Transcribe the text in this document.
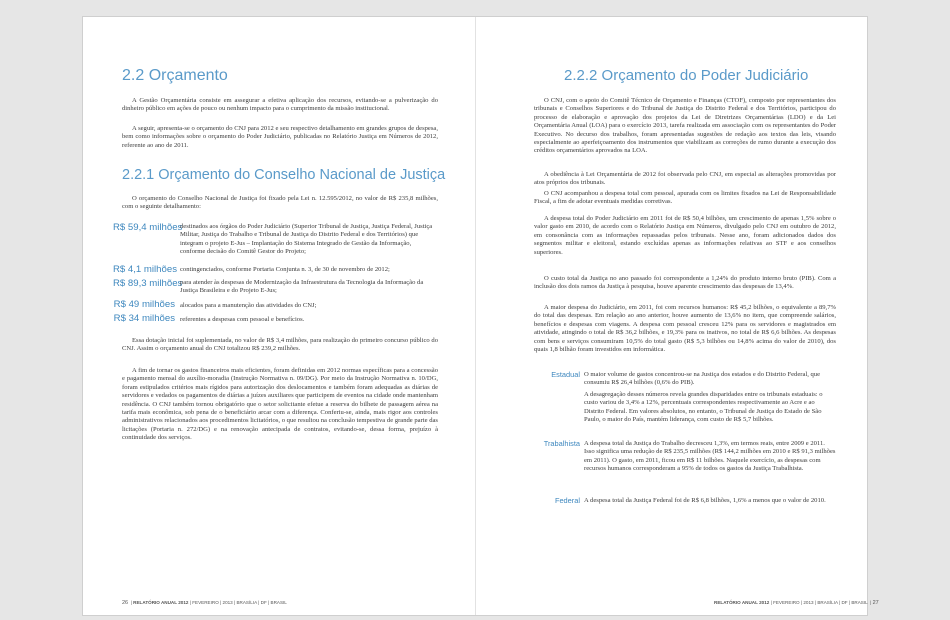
2.2 Orçamento

A Gestão Orçamentária consiste em assegurar a efetiva aplicação dos recursos, evitando-se a pulverização do dinheiro público em ações de pouco ou nenhum impacto para o cumprimento da missão institucional.

A seguir, apresenta-se o orçamento do CNJ para 2012 e seu respectivo detalhamento em grandes grupos de despesa, bem como informações sobre o orçamento do Poder Judiciário, publicadas no Relatório Justiça em Números de 2012, referente ao ano de 2011.

2.2.1 Orçamento do Conselho Nacional de Justiça

O orçamento do Conselho Nacional de Justiça foi fixado pela Lei n. 12.595/2012, no valor de R$ 235,8 milhões, com o seguinte detalhamento:

R$ 59,4 milhões

destinados aos órgãos do Poder Judiciário (Superior Tribunal de Justiça, Justiça Federal, Justiça Militar, Justiça do Trabalho e Tribunal de Justiça do Distrito Federal e dos Territórios) que integram o projeto E-Jus – Implantação do Sistema Integrado de Gestão da Informação, conforme decisão do Comitê Gestor do Projeto;

R$ 4,1 milhões contingenciados, conforme Portaria Conjunta n. 3, de 30 de novembro de 2012;

R$ 89,3 milhões

para atender às despesas de Modernização da Infraestrutura da Tecnologia da Informação da Justiça Brasileira e do Projeto E-Jus;

R$ 49 milhões alocados para a manutenção das atividades do CNJ;

R$ 34 milhões referentes a despesas com pessoal e benefícios.

Essa dotação inicial foi suplementada, no valor de R$ 3,4 milhões, para realização do primeiro concurso público do CNJ. Assim o orçamento anual do CNJ totalizou R$ 239,2 milhões.

A fim de tornar os gastos financeiros mais eficientes, foram definidas em 2012 normas específicas para a concessão e pagamento mensal do auxílio-moradia (Instrução Normativa n. 09/DG). Por meio da Instrução Normativa n. 10/DG, foram estipulados critérios mais rígidos para autorização dos deslocamentos e também foram adequadas as diárias de servidores e vedados os pagamentos de diárias a juízes auxiliares que participem de eventos na cidade onde mantenham residência. O CNJ também tornou obrigatório que o setor solicitante efetue a reserva do bilhete de passagem aérea na tarifa mais econômica, sob pena de o beneficiário arcar com a diferença. Conferiu-se, ainda, mais rigor aos controles administrativos relacionados aos procedimentos licitatórios, o que resultou na conclusão tempestiva de grande parte das licitações (Portaria n. 272/DG) e na renovação antecipada de contratos, evitando-se, dessa forma, prejuízo à continuidade dos serviços.

26  | RELATÓRIO ANUAL 2012 | FEVEREIRO | 2013 | BRASÍLIA | DF | BRASIL
2.2.2 Orçamento do Poder Judiciário

O CNJ, com o apoio do Comitê Técnico de Orçamento e Finanças (CTOF), composto por representantes dos tribunais e Conselhos Superiores e do Tribunal de Justiça do Distrito Federal e dos Territórios, participou do processo de elaboração e aprovação dos projetos da Lei de Diretrizes Orçamentárias (LDO) e da Lei Orçamentária Anual (LOA) para o exercício 2013, tarefa realizada em associação com os representantes do Poder Executivo. No decurso dos trabalhos, foram apresentadas sugestões de redação aos textos das leis, visando especialmente ao aperfeiçoamento dos instrumentos que viabilizam as correções de rumo durante a execução dos créditos orçamentários aprovados na LOA.

A obediência à Lei Orçamentária de 2012 foi observada pelo CNJ, em especial as alterações promovidas por atos próprios dos tribunais.

O CNJ acompanhou a despesa total com pessoal, apurada com os limites fixados na Lei de Responsabilidade Fiscal, a fim de adotar eventuais medidas corretivas.

A despesa total do Poder Judiciário em 2011 foi de R$ 50,4 bilhões, um crescimento de apenas 1,5% sobre o valor gasto em 2010, de acordo com o Relatório Justiça em Números, divulgado pelo CNJ em outubro de 2012, em consonância com as informações repassadas pelos tribunais. Nesse ano, foram adicionados dados dos segmentos militar e eleitoral, estando excluídas apenas as informações relativas ao STF e aos conselhos superiores.

O custo total da Justiça no ano passado foi correspondente a 1,24% do produto interno bruto (PIB). Com a inclusão dos dois ramos da Justiça à pesquisa, houve aparente crescimento das despesas de 13,4%.

A maior despesa do Judiciário, em 2011, foi com recursos humanos: R$ 45,2 bilhões, o equivalente a 89,7% do total das despesas. Em relação ao ano anterior, houve aumento de 13,6% no item, que compreende salários, benefícios e despesas com viagens. A despesa com pessoal cresceu 12% para os servidores e magistrados em atividade, atingindo o total de R$ 36,2 bilhões, e 19,3% para os inativos, no total de R$ 6,6 bilhões. As despesas com bens e serviços consumiram 10,5% do total gasto (R$ 5,3 bilhões ou 14,8% acima do valor de 2010), dos quais 1,8 bilhão foram investidos em informática.

Estadual O maior volume de gastos concentrou-se na Justiça dos estados e do Distrito Federal, que consumiu R$ 26,4 bilhões (0,6% do PIB).

A desagregação desses números revela grandes disparidades entre os tribunais estaduais: o custo variou de 3,4% a 12%, percentuais correspondentes respectivamente ao Acre e ao Distrito Federal. Em valores absolutos, no entanto, o Tribunal de Justiça do Estado de São Paulo, o maior do País, mantém liderança, com custo de R$ 5,7 bilhões.

Trabalhista A despesa total da Justiça do Trabalho decresceu 1,3%, em termos reais, entre 2009 e 2011. Isso significa uma redução de R$ 235,5 milhões (R$ 144,2 milhões em 2010 e R$ 91,3 milhões em 2011). O gasto, em 2011, ficou em R$ 11 bilhões. Naquele exercício, as despesas com recursos humanos corresponderam a 95% de todos os gastos da Justiça Trabalhista.

Federal A despesa total da Justiça Federal foi de R$ 6,8 bilhões, 1,6% a menos que o valor de 2010.

RELATÓRIO ANUAL 2012 | FEVEREIRO | 2013 | BRASÍLIA | DF | BRASIL  | 27
